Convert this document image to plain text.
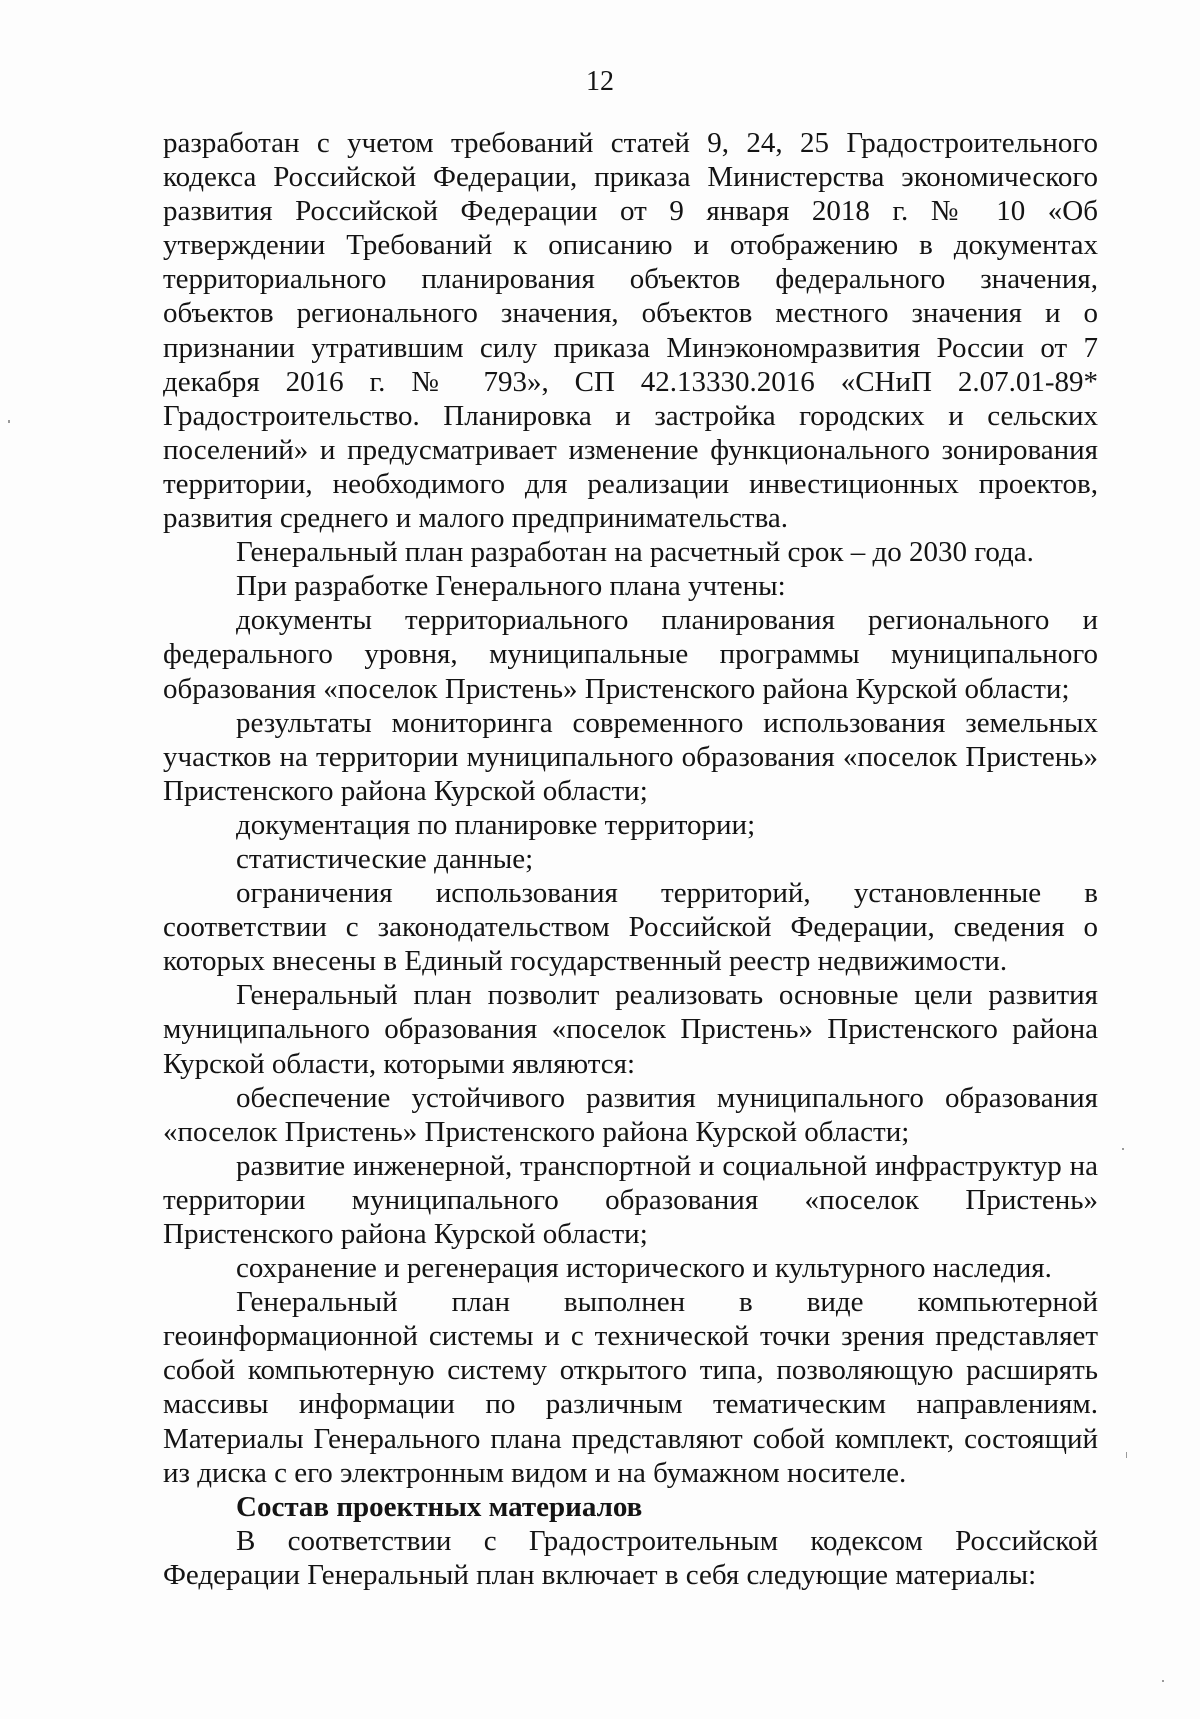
12

разработан с учетом требований статей 9, 24, 25 Градостроительного кодекса Российской Федерации, приказа Министерства экономического развития Российской Федерации от 9 января 2018 г. № 10 «Об утверждении Требований к описанию и отображению в документах территориального планирования объектов федерального значения, объектов регионального значения, объектов местного значения и о признании утратившим силу приказа Минэкономразвития России от 7 декабря 2016 г. № 793», СП 42.13330.2016 «СНиП 2.07.01-89* Градостроительство. Планировка и застройка городских и сельских поселений» и предусматривает изменение функционального зонирования территории, необходимого для реализации инвестиционных проектов, развития среднего и малого предпринимательства.

Генеральный план разработан на расчетный срок – до 2030 года.

При разработке Генерального плана учтены:

документы территориального планирования регионального и федерального уровня, муниципальные программы муниципального образования «поселок Пристень» Пристенского района Курской области;

результаты мониторинга современного использования земельных участков на территории муниципального образования «поселок Пристень» Пристенского района Курской области;

документация по планировке территории;

статистические данные;

ограничения использования территорий, установленные в соответствии с законодательством Российской Федерации, сведения о которых внесены в Единый государственный реестр недвижимости.

Генеральный план позволит реализовать основные цели развития муниципального образования «поселок Пристень» Пристенского района Курской области, которыми являются:

обеспечение устойчивого развития муниципального образования «поселок Пристень» Пристенского района Курской области;

развитие инженерной, транспортной и социальной инфраструктур на территории муниципального образования «поселок Пристень» Пристенского района Курской области;

сохранение и регенерация исторического и культурного наследия.

Генеральный план выполнен в виде компьютерной геоинформационной системы и с технической точки зрения представляет собой компьютерную систему открытого типа, позволяющую расширять массивы информации по различным тематическим направлениям. Материалы Генерального плана представляют собой комплект, состоящий из диска с его электронным видом и на бумажном носителе.

Состав проектных материалов

В соответствии с Градостроительным кодексом Российской Федерации Генеральный план включает в себя следующие материалы:
